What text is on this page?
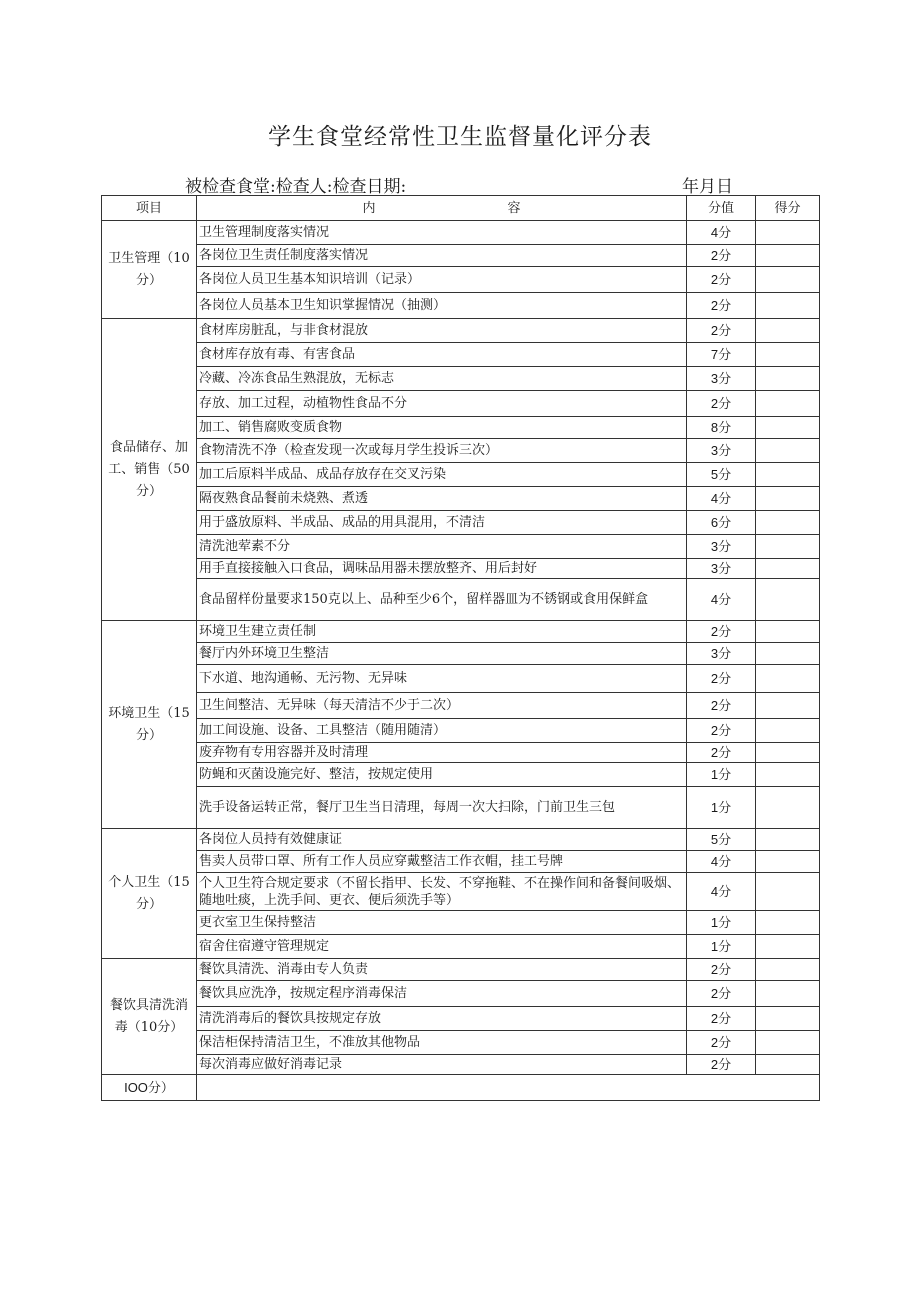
学生食堂经常性卫生监督量化评分表
被检查食堂:检查人:检查日期:	年月日
项目	内 容	分值	得分
卫生管理（10分）	卫生管理制度落实情况	4分	
	各岗位卫生责任制度落实情况	2分	
	各岗位人员卫生基本知识培训（记录）	2分	
	各岗位人员基本卫生知识掌握情况（抽测）	2分	
食品储存、加工、销售（50分）	食材库房脏乱，与非食材混放	2分	
	食材库存放有毒、有害食品	7分	
	冷藏、冷冻食品生熟混放，无标志	3分	
	存放、加工过程，动植物性食品不分	2分	
	加工、销售腐败变质食物	8分	
	食物清洗不净（检查发现一次或每月学生投诉三次）	3分	
	加工后原料半成品、成品存放存在交叉污染	5分	
	隔夜熟食品餐前未烧熟、煮透	4分	
	用于盛放原料、半成品、成品的用具混用，不清洁	6分	
	清洗池荤素不分	3分	
	用手直接接触入口食品，调味品用器未摆放整齐、用后封好	3分	
	食品留样份量要求150克以上、品种至少6个，留样器皿为不锈钢或食用保鲜盒	4分	
环境卫生（15分）	环境卫生建立责任制	2分	
	餐厅内外环境卫生整洁	3分	
	下水道、地沟通畅、无污物、无异味	2分	
	卫生间整洁、无异味（每天清洁不少于二次）	2分	
	加工间设施、设备、工具整洁（随用随清）	2分	
	废弃物有专用容器并及时清理	2分	
	防蝇和灭菌设施完好、整洁，按规定使用	1分	
	洗手设备运转正常，餐厅卫生当日清理，每周一次大扫除，门前卫生三包	1分	
个人卫生（15分）	各岗位人员持有效健康证	5分	
	售卖人员带口罩、所有工作人员应穿戴整洁工作衣帽，挂工号牌	4分	
	个人卫生符合规定要求（不留长指甲、长发、不穿拖鞋、不在操作间和备餐间吸烟、随地吐痰，上洗手间、更衣、便后须洗手等）	4分	
	更衣室卫生保持整洁	1分	
	宿舍住宿遵守管理规定	1分	
餐饮具清洗消毒（10分）	餐饮具清洗、消毒由专人负责	2分	
	餐饮具应洗净，按规定程序消毒保洁	2分	
	清洗消毒后的餐饮具按规定存放	2分	
	保洁柜保持清洁卫生，不准放其他物品	2分	
	每次消毒应做好消毒记录	2分	
IOO分）			
